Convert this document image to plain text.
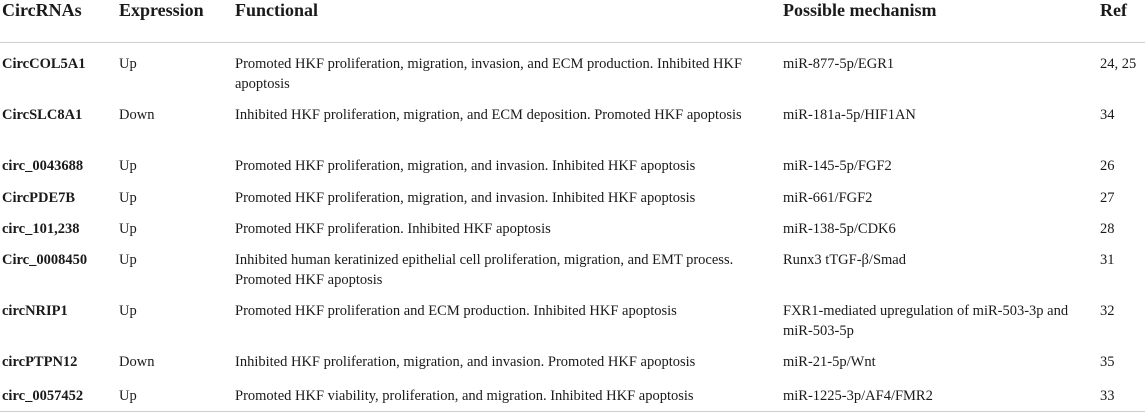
CircRNAs	Expression	Functional	Possible mechanism	Ref
CircCOL5A1	Up	Promoted HKF proliferation, migration, invasion, and ECM production. Inhibited HKF apoptosis	miR-877-5p/EGR1	24, 25
CircSLC8A1	Down	Inhibited HKF proliferation, migration, and ECM deposition. Promoted HKF apoptosis	miR-181a-5p/HIF1AN	34
circ_0043688	Up	Promoted HKF proliferation, migration, and invasion. Inhibited HKF apoptosis	miR-145-5p/FGF2	26
CircPDE7B	Up	Promoted HKF proliferation, migration, and invasion. Inhibited HKF apoptosis	miR-661/FGF2	27
circ_101,238	Up	Promoted HKF proliferation. Inhibited HKF apoptosis	miR-138-5p/CDK6	28
Circ_0008450	Up	Inhibited human keratinized epithelial cell proliferation, migration, and EMT process. Promoted HKF apoptosis	Runx3 tTGF-β/Smad	31
circNRIP1	Up	Promoted HKF proliferation and ECM production. Inhibited HKF apoptosis	FXR1-mediated upregulation of miR-503-3p and miR-503-5p	32
circPTPN12	Down	Inhibited HKF proliferation, migration, and invasion. Promoted HKF apoptosis	miR-21-5p/Wnt	35
circ_0057452	Up	Promoted HKF viability, proliferation, and migration. Inhibited HKF apoptosis	miR-1225-3p/AF4/FMR2	33
